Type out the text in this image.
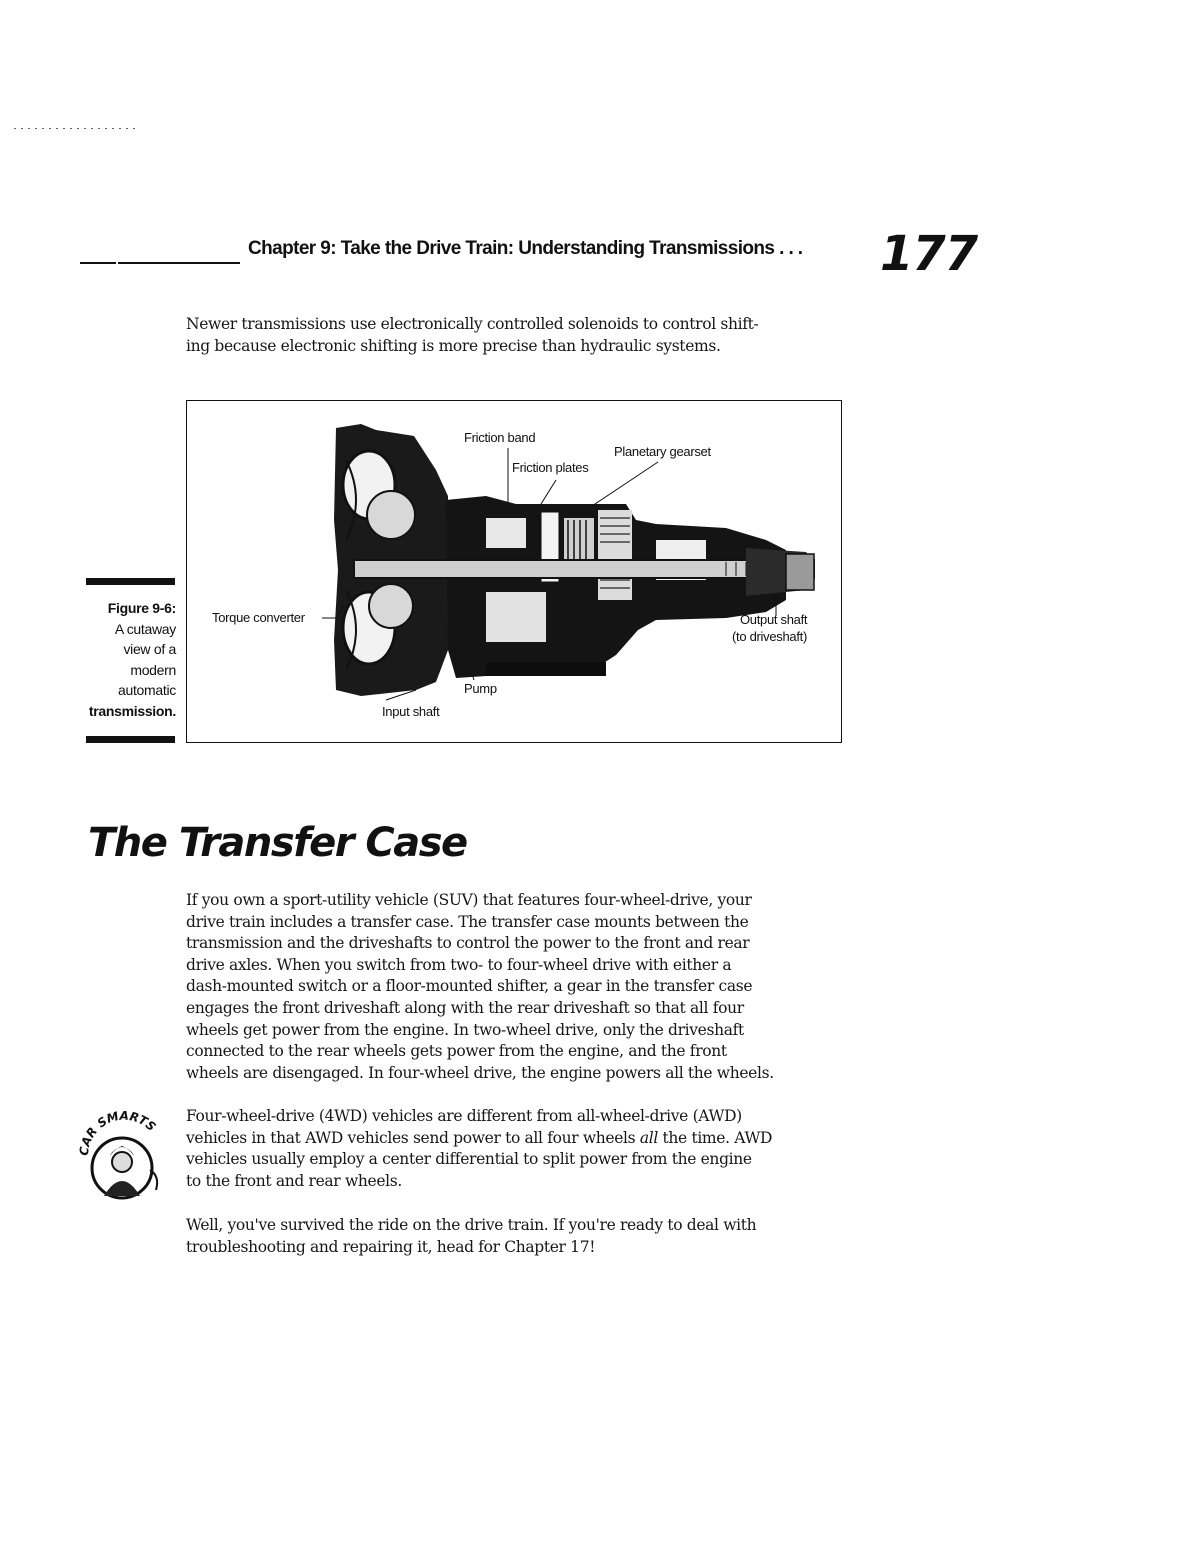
Chapter 9: Take the Drive Train: Understanding Transmissions . . . 177
Newer transmissions use electronically controlled solenoids to control shift-
ing because electronic shifting is more precise than hydraulic systems.
Figure 9-6:
A cutaway
view of a
modern
automatic
transmission.
Friction band
Friction plates
Planetary gearset
Torque converter	Output shaft
(to driveshaft)
Pump
Input shaft
The Transfer Case
If you own a sport-utility vehicle (SUV) that features four-wheel-drive, your
drive train includes a transfer case. The transfer case mounts between the
transmission and the driveshafts to control the power to the front and rear
drive axles. When you switch from two- to four-wheel drive with either a
dash-mounted switch or a floor-mounted shifter, a gear in the transfer case
engages the front driveshaft along with the rear driveshaft so that all four
wheels get power from the engine. In two-wheel drive, only the driveshaft
connected to the rear wheels gets power from the engine, and the front
wheels are disengaged. In four-wheel drive, the engine powers all the wheels.
CAR SMARTS
Four-wheel-drive (4WD) vehicles are different from all-wheel-drive (AWD)
vehicles in that AWD vehicles send power to all four wheels all the time. AWD
vehicles usually employ a center differential to split power from the engine
to the front and rear wheels.
Well, you've survived the ride on the drive train. If you're ready to deal with
troubleshooting and repairing it, head for Chapter 17!
